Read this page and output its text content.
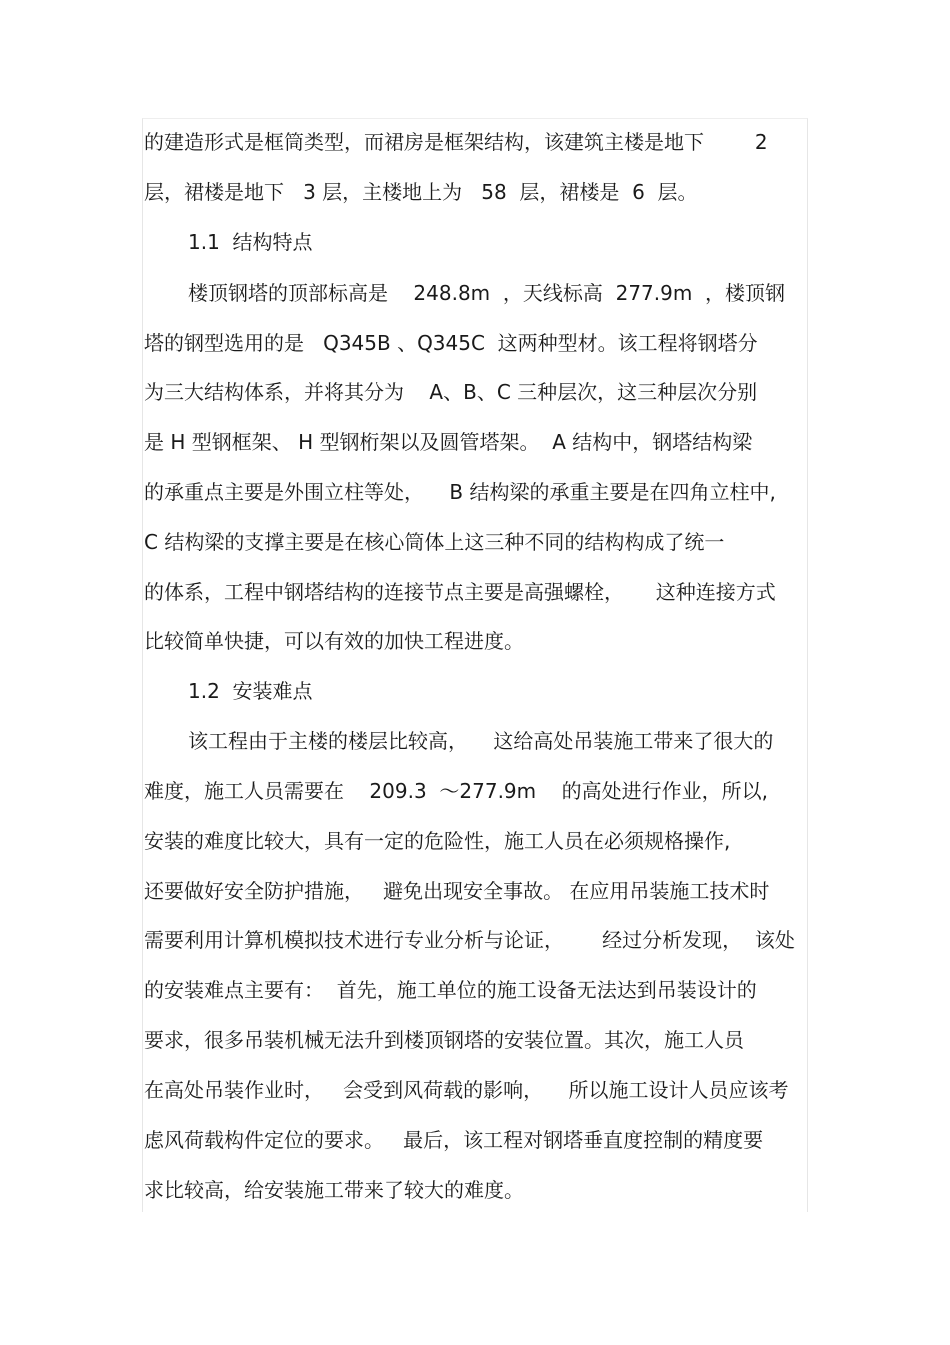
的建造形式是框筒类型，而裙房是框架结构，该建筑主楼是地下        2
层，裙楼是地下   3 层，主楼地上为   58  层，裙楼是  6  层。
1.1  结构特点
楼顶钢塔的顶部标高是    248.8m  ，天线标高  277.9m  ，楼顶钢
塔的钢型选用的是   Q345B 、Q345C  这两种型材。该工程将钢塔分
为三大结构体系，并将其分为    A、B、C 三种层次，这三种层次分别
是 H 型钢框架、 H 型钢桁架以及圆管塔架。  A 结构中，钢塔结构梁
的承重点主要是外围立柱等处，    B 结构梁的承重主要是在四角立柱中,
C 结构梁的支撑主要是在核心筒体上这三种不同的结构构成了统一
的体系，工程中钢塔结构的连接节点主要是高强螺栓，     这种连接方式
比较简单快捷，可以有效的加快工程进度。
1.2  安装难点
该工程由于主楼的楼层比较高，    这给高处吊装施工带来了很大的
难度，施工人员需要在    209.3  ～277.9m    的高处进行作业，所以,
安装的难度比较大，具有一定的危险性，施工人员在必须规格操作,
还要做好安全防护措施，   避免出现安全事故。 在应用吊装施工技术时
需要利用计算机模拟技术进行专业分析与论证，      经过分析发现，  该处
的安装难点主要有：  首先，施工单位的施工设备无法达到吊装设计的
要求，很多吊装机械无法升到楼顶钢塔的安装位置。其次，施工人员
在高处吊装作业时，   会受到风荷载的影响，    所以施工设计人员应该考
虑风荷载构件定位的要求。   最后，该工程对钢塔垂直度控制的精度要
求比较高，给安装施工带来了较大的难度。
